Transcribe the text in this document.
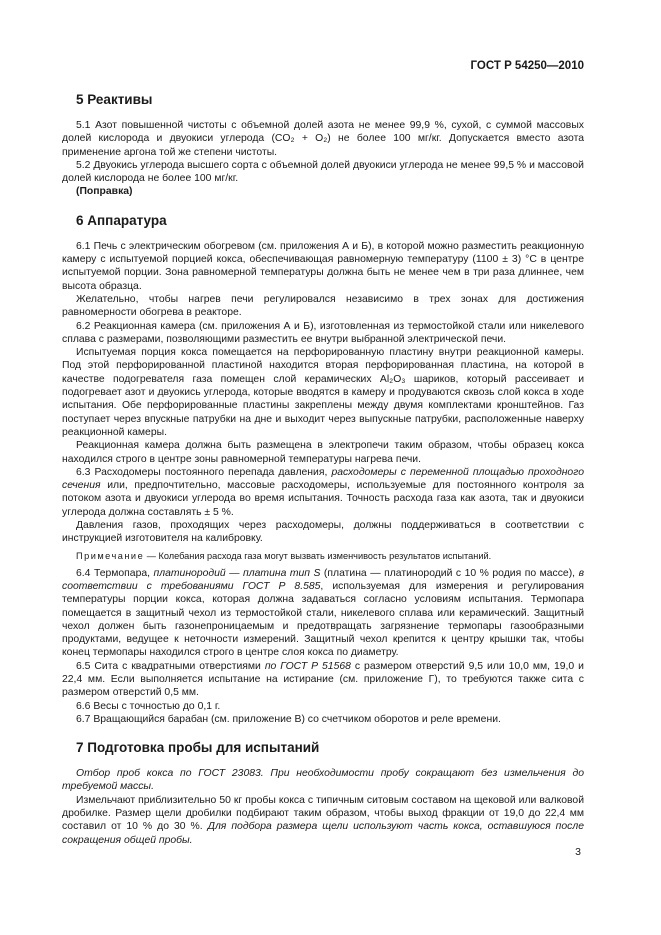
ГОСТ Р 54250—2010
5 Реактивы

5.1 Азот повышенной чистоты с объемной долей азота не менее 99,9 %, сухой, с суммой массовых долей кислорода и двуокиси углерода (CO₂ + O₂) не более 100 мг/кг. Допускается вместо азота применение аргона той же степени чистоты.

5.2 Двуокись углерода высшего сорта с объемной долей двуокиси углерода не менее 99,5 % и массовой долей кислорода не более 100 мг/кг.

(Поправка)

6 Аппаратура

6.1 Печь с электрическим обогревом (см. приложения А и Б), в которой можно разместить реакционную камеру с испытуемой порцией кокса, обеспечивающая равномерную температуру (1100 ± 3) °С в центре испытуемой порции. Зона равномерной температуры должна быть не менее чем в три раза длиннее, чем высота образца.

Желательно, чтобы нагрев печи регулировался независимо в трех зонах для достижения равномерности обогрева в реакторе.

6.2 Реакционная камера (см. приложения А и Б), изготовленная из термостойкой стали или никелевого сплава с размерами, позволяющими разместить ее внутри выбранной электрической печи.

Испытуемая порция кокса помещается на перфорированную пластину внутри реакционной камеры. Под этой перфорированной пластиной находится вторая перфорированная пластина, на которой в качестве подогревателя газа помещен слой керамических Al₂O₃ шариков, который рассеивает и подогревает азот и двуокись углерода, которые вводятся в камеру и продуваются сквозь слой кокса в ходе испытания. Обе перфорированные пластины закреплены между двумя комплектами кронштейнов. Газ поступает через впускные патрубки на дне и выходит через выпускные патрубки, расположенные наверху реакционной камеры.

Реакционная камера должна быть размещена в электропечи таким образом, чтобы образец кокса находился строго в центре зоны равномерной температуры нагрева печи.

6.3 Расходомеры постоянного перепада давления, расходомеры с переменной площадью проходного сечения или, предпочтительно, массовые расходомеры, используемые для постоянного контроля за потоком азота и двуокиси углерода во время испытания. Точность расхода газа как азота, так и двуокиси углерода должна составлять ± 5 %.

Давления газов, проходящих через расходомеры, должны поддерживаться в соответствии с инструкцией изготовителя на калибровку.

Примечание — Колебания расхода газа могут вызвать изменчивость результатов испытаний.

6.4 Термопара, платинородий — платина тип S (платина — платинородий с 10 % родия по массе), в соответствии с требованиями ГОСТ Р 8.585, используемая для измерения и регулирования температуры порции кокса, которая должна задаваться согласно условиям испытания. Термопара помещается в защитный чехол из термостойкой стали, никелевого сплава или керамический. Защитный чехол должен быть газонепроницаемым и предотвращать загрязнение термопары газообразными продуктами, ведущее к неточности измерений. Защитный чехол крепится к центру крышки так, чтобы конец термопары находился строго в центре слоя кокса по диаметру.

6.5 Сита с квадратными отверстиями по ГОСТ Р 51568 с размером отверстий 9,5 или 10,0 мм, 19,0 и 22,4 мм. Если выполняется испытание на истирание (см. приложение Г), то требуются также сита с размером отверстий 0,5 мм.

6.6 Весы с точностью до 0,1 г.

6.7 Вращающийся барабан (см. приложение В) со счетчиком оборотов и реле времени.

7 Подготовка пробы для испытаний

Отбор проб кокса по ГОСТ 23083. При необходимости пробу сокращают без измельчения до требуемой массы.

Измельчают приблизительно 50 кг пробы кокса с типичным ситовым составом на щековой или валковой дробилке. Размер щели дробилки подбирают таким образом, чтобы выход фракции от 19,0 до 22,4 мм составил от 10 % до 30 %. Для подбора размера щели используют часть кокса, оставшуюся после сокращения общей пробы.

3
